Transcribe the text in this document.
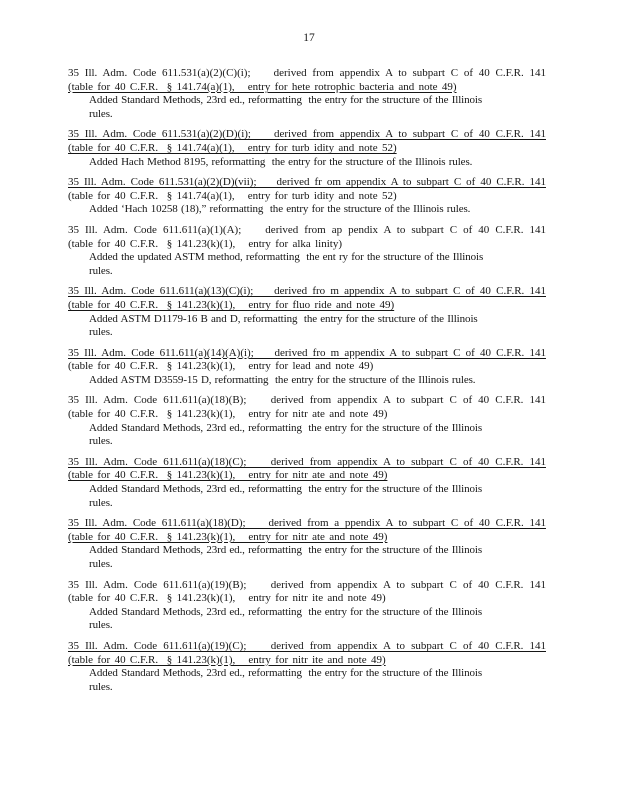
17
35 Ill. Adm. Code 611.531(a)(2)(C)(i);    derived from appendix A to subpart C of 40 C.F.R. 141
(table for 40 C.F.R.  § 141.74(a)(1),   entry for hete rotrophic bacteria and note 49)
Added Standard Methods, 23rd ed., reformatting  the entry for the structure of the Illinois
rules.
35 Ill. Adm. Code 611.531(a)(2)(D)(i);    derived from appendix A to subpart C of 40 C.F.R. 141
(table for 40 C.F.R.  § 141.74(a)(1),   entry for turb idity and note 52)
Added Hach Method 8195, reformatting  the entry for the structure of the Illinois rules.
35 Ill. Adm. Code 611.531(a)(2)(D)(vii);    derived fr om appendix A to subpart C of 40 C.F.R. 141
(table for 40 C.F.R.  § 141.74(a)(1),   entry for turb idity and note 52)
Added ‘Hach 10258 (18),” reformatting  the entry for the structure of the Illinois rules.
35 Ill. Adm. Code 611.611(a)(1)(A);    derived from ap pendix A to subpart C of 40 C.F.R. 141
(table for 40 C.F.R.  § 141.23(k)(1),   entry for alka linity)
Added the updated ASTM method, reformatting  the ent ry for the structure of the Illinois
rules.
35 Ill. Adm. Code 611.611(a)(13)(C)(i);    derived fro m appendix A to subpart C of 40 C.F.R. 141
(table for 40 C.F.R.  § 141.23(k)(1),   entry for fluo ride and note 49)
Added ASTM D1179-16 B and D, reformatting  the entry for the structure of the Illinois
rules.
35 Ill. Adm. Code 611.611(a)(14)(A)(i);    derived fro m appendix A to subpart C of 40 C.F.R. 141
(table for 40 C.F.R.  § 141.23(k)(1),   entry for lead and note 49)
Added ASTM D3559-15 D, reformatting  the entry for the structure of the Illinois rules.
35 Ill. Adm. Code 611.611(a)(18)(B);    derived from appendix A to subpart C of 40 C.F.R. 141
(table for 40 C.F.R.  § 141.23(k)(1),   entry for nitr ate and note 49)
Added Standard Methods, 23rd ed., reformatting  the entry for the structure of the Illinois
rules.
35 Ill. Adm. Code 611.611(a)(18)(C);    derived from appendix A to subpart C of 40 C.F.R. 141
(table for 40 C.F.R.  § 141.23(k)(1),   entry for nitr ate and note 49)
Added Standard Methods, 23rd ed., reformatting  the entry for the structure of the Illinois
rules.
35 Ill. Adm. Code 611.611(a)(18)(D);    derived from a ppendix A to subpart C of 40 C.F.R. 141
(table for 40 C.F.R.  § 141.23(k)(1),   entry for nitr ate and note 49)
Added Standard Methods, 23rd ed., reformatting  the entry for the structure of the Illinois
rules.
35 Ill. Adm. Code 611.611(a)(19)(B);    derived from appendix A to subpart C of 40 C.F.R. 141
(table for 40 C.F.R.  § 141.23(k)(1),   entry for nitr ite and note 49)
Added Standard Methods, 23rd ed., reformatting  the entry for the structure of the Illinois
rules.
35 Ill. Adm. Code 611.611(a)(19)(C);    derived from appendix A to subpart C of 40 C.F.R. 141
(table for 40 C.F.R.  § 141.23(k)(1),   entry for nitr ite and note 49)
Added Standard Methods, 23rd ed., reformatting  the entry for the structure of the Illinois
rules.
